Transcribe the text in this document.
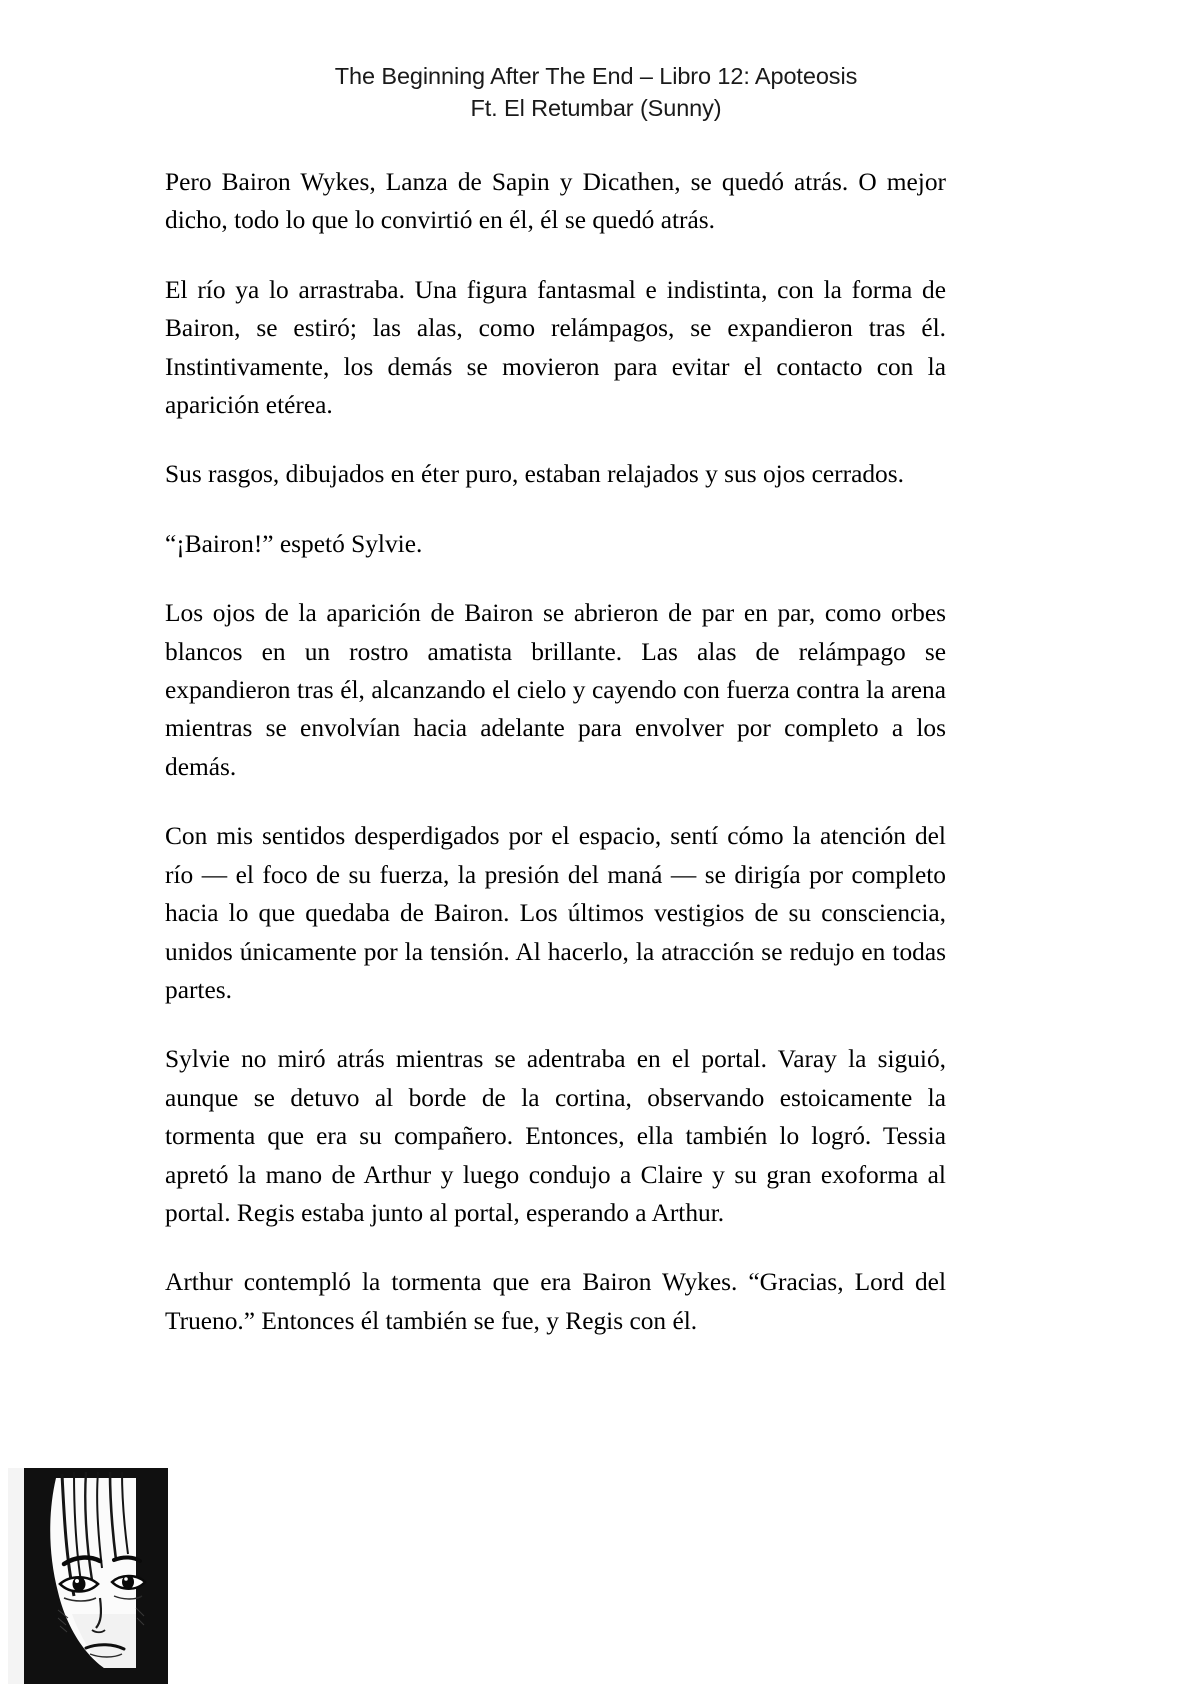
The Beginning After The End – Libro 12: Apoteosis
Ft. El Retumbar (Sunny)

Pero Bairon Wykes, Lanza de Sapin y Dicathen, se quedó atrás. O mejor dicho, todo lo que lo convirtió en él, él se quedó atrás.

El río ya lo arrastraba. Una figura fantasmal e indistinta, con la forma de Bairon, se estiró; las alas, como relámpagos, se expandieron tras él. Instintivamente, los demás se movieron para evitar el contacto con la aparición etérea.

Sus rasgos, dibujados en éter puro, estaban relajados y sus ojos cerrados.

“¡Bairon!” espetó Sylvie.

Los ojos de la aparición de Bairon se abrieron de par en par, como orbes blancos en un rostro amatista brillante. Las alas de relámpago se expandieron tras él, alcanzando el cielo y cayendo con fuerza contra la arena mientras se envolvían hacia adelante para envolver por completo a los demás.

Con mis sentidos desperdigados por el espacio, sentí cómo la atención del río — el foco de su fuerza, la presión del maná — se dirigía por completo hacia lo que quedaba de Bairon. Los últimos vestigios de su consciencia, unidos únicamente por la tensión. Al hacerlo, la atracción se redujo en todas partes.

Sylvie no miró atrás mientras se adentraba en el portal. Varay la siguió, aunque se detuvo al borde de la cortina, observando estoicamente la tormenta que era su compañero. Entonces, ella también lo logró. Tessia apretó la mano de Arthur y luego condujo a Claire y su gran exoforma al portal. Regis estaba junto al portal, esperando a Arthur.

Arthur contempló la tormenta que era Bairon Wykes. “Gracias, Lord del Trueno.” Entonces él también se fue, y Regis con él.
